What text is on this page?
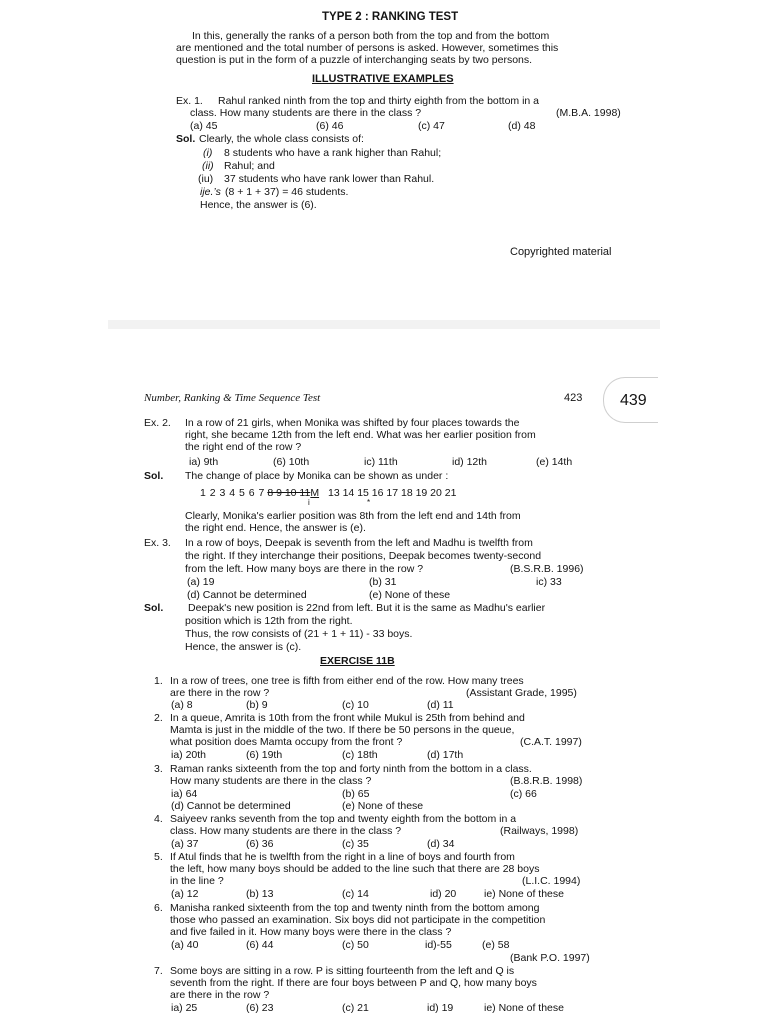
TYPE 2 : RANKING TEST
In this, generally the ranks of a person both from the top and from the bottom
are mentioned and the total number of persons is asked. However, sometimes this
question is put in the form of a puzzle of interchanging seats by two persons.
ILLUSTRATIVE EXAMPLES
Ex. 1. Rahul ranked ninth from the top and thirty eighth from the bottom in a
class. How many students are there in the class ?	(M.B.A. 1998)
(a) 45	(6) 46	(c) 47	(d) 48
Sol. Clearly, the whole class consists of:
(i) 8 students who have a rank higher than Rahul;
(ii) Rahul; and
(iu) 37 students who have rank lower than Rahul.
ije.’s (8 + 1 + 37) = 46 students.
Hence, the answer is (6).
Copyrighted material
Number, Ranking & Time Sequence Test	423 439
Ex. 2. In a row of 21 girls, when Monika was shifted by four places towards the
right, she became 12th from the left end. What was her earlier position from
the right end of the row ?
ia) 9th	(6) 10th	ic) 11th	id) 12th	(e) 14th
Sol. The change of place by Monika can be shown as under :
1 2 3 4 5 6 7 8 9 10 11M 13 14 15 16 17 18 19 20 21
i	*
Clearly, Monika's earlier position was 8th from the left end and 14th from
the right end. Hence, the answer is (e).
Ex. 3. In a row of boys, Deepak is seventh from the left and Madhu is twelfth from
the right. If they interchange their positions, Deepak becomes twenty-second
from the left. How many boys are there in the row ?	(B.S.R.B. 1996)
(a) 19	(b) 31	ic) 33
(d) Cannot be determined	(e) None of these
Sol. Deepak's new position is 22nd from left. But it is the same as Madhu's earlier
position which is 12th from the right.
Thus, the row consists of (21 + 1 + 11) - 33 boys.
Hence, the answer is (c).
EXERCISE 11B
1. In a row of trees, one tree is fifth from either end of the row. How many trees
are there in the row ?	(Assistant Grade, 1995)
(a) 8	(b) 9	(c) 10	(d) 11
2. In a queue, Amrita is 10th from the front while Mukul is 25th from behind and
Mamta is just in the middle of the two. If there be 50 persons in the queue,
what position does Mamta occupy from the front ?	(C.A.T. 1997)
ia) 20th	(6) 19th	(c) 18th	(d) 17th
3. Raman ranks sixteenth from the top and forty ninth from the bottom in a class.
How many students are there in the class ?	(B.8.R.B. 1998)
ia) 64	(b) 65	(c) 66
(d) Cannot be determined	(e) None of these
4. Saiyeev ranks seventh from the top and twenty eighth from the bottom in a
class. How many students are there in the class ?	(Railways, 1998)
(a) 37	(6) 36	(c) 35	(d) 34
5. If Atul finds that he is twelfth from the right in a line of boys and fourth from
the left, how many boys should be added to the line such that there are 28 boys
in the line ?	(L.I.C. 1994)
(a) 12	(b) 13	(c) 14	id) 20	ie) None of these
6. Manisha ranked sixteenth from the top and twenty ninth from the bottom among
those who passed an examination. Six boys did not participate in the competition
and five failed in it. How many boys were there in the class ?
(a) 40	(6) 44	(c) 50	id)-55	(e) 58
(Bank P.O. 1997)
7. Some boys are sitting in a row. P is sitting fourteenth from the left and Q is
seventh from the right. If there are four boys between P and Q, how many boys
are there in the row ?
ia) 25	(6) 23	(c) 21	id) 19	ie) None of these
